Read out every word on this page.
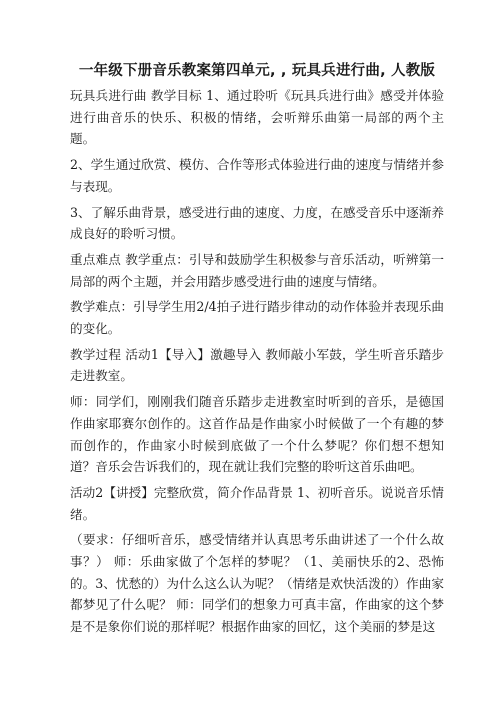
一年级下册音乐教案第四单元, , 玩具兵进行曲, 人教版

玩具兵进行曲 教学目标 1、通过聆听《玩具兵进行曲》感受并体验进行曲音乐的快乐、积极的情绪，会听辩乐曲第一局部的两个主题。

2、学生通过欣赏、模仿、合作等形式体验进行曲的速度与情绪并参与表现。

3、了解乐曲背景，感受进行曲的速度、力度，在感受音乐中逐渐养成良好的聆听习惯。

重点难点 教学重点：引导和鼓励学生积极参与音乐活动，听辨第一局部的两个主题，并会用踏步感受进行曲的速度与情绪。

教学难点：引导学生用2/4拍子进行踏步律动的动作体验并表现乐曲的变化。

教学过程 活动1【导入】激趣导入 教师敲小军鼓，学生听音乐踏步走进教室。

师：同学们，刚刚我们随音乐踏步走进教室时听到的音乐，是德国作曲家耶赛尔创作的。这首作品是作曲家小时候做了一个有趣的梦而创作的，作曲家小时候到底做了一个什么梦呢？你们想不想知道？音乐会告诉我们的，现在就让我们完整的聆听这首乐曲吧。

活动2【讲授】完整欣赏，简介作品背景 1、初听音乐。说说音乐情绪。

（要求：仔细听音乐，感受情绪并认真思考乐曲讲述了一个什么故事？） 师：乐曲家做了个怎样的梦呢？（1、美丽快乐的2、恐怖的。3、忧愁的）为什么这么认为呢？（情绪是欢快活泼的）作曲家都梦见了什么呢？ 师：同学们的想象力可真丰富，作曲家的这个梦是不是象你们说的那样呢？根据作曲家的回忆，这个美丽的梦是这
